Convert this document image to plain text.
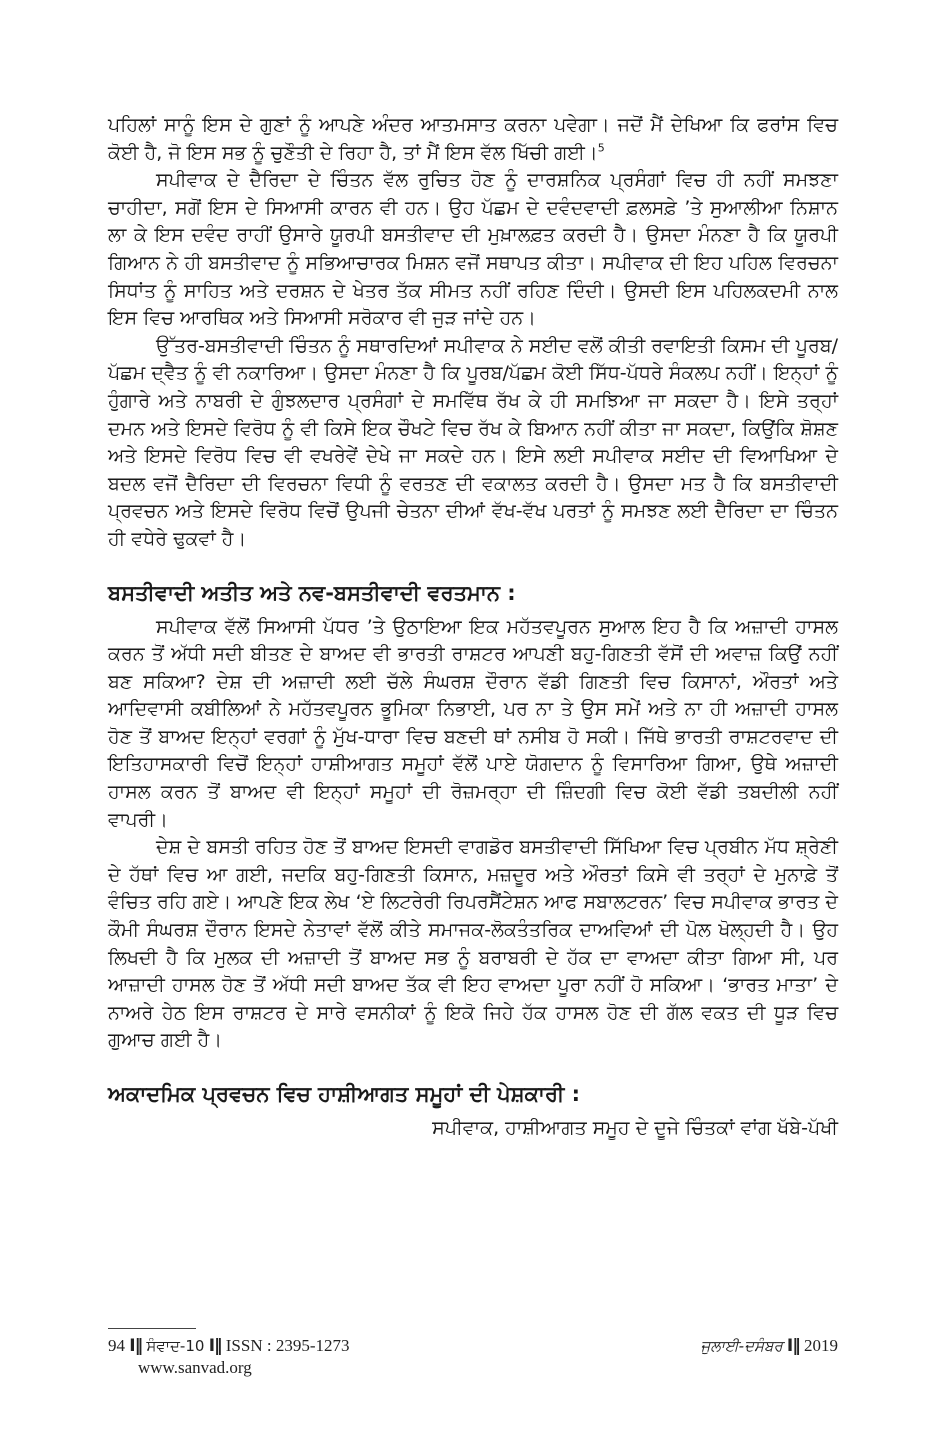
ਪਹਿਲਾਂ ਸਾਨੂੰ ਇਸ ਦੇ ਗੁਣਾਂ ਨੂੰ ਆਪਣੇ ਅੰਦਰ ਆਤਮਸਾਤ ਕਰਨਾ ਪਵੇਗਾ। ਜਦੋਂ ਮੈਂ ਦੇਖਿਆ ਕਿ ਫਰਾਂਸ ਵਿਚ ਕੋਈ ਹੈ, ਜੋ ਇਸ ਸਭ ਨੂੰ ਚੁਣੌਤੀ ਦੇ ਰਿਹਾ ਹੈ, ਤਾਂ ਮੈਂ ਇਸ ਵੱਲ ਖਿੱਚੀ ਗਈ।$^5$

ਸਪੀਵਾਕ ਦੇ ਦੈਰਿਦਾ ਦੇ ਚਿੰਤਨ ਵੱਲ ਰੁਚਿਤ ਹੋਣ ਨੂੰ ਦਾਰਸ਼ਨਿਕ ਪ੍ਰਸੰਗਾਂ ਵਿਚ ਹੀ ਨਹੀਂ ਸਮਝਣਾ ਚਾਹੀਦਾ, ਸਗੋਂ ਇਸ ਦੇ ਸਿਆਸੀ ਕਾਰਨ ਵੀ ਹਨ। ਉਹ ਪੱਛਮ ਦੇ ਦਵੰਦਵਾਦੀ ਫ਼ਲਸਫ਼ੇ ’ਤੇ ਸੁਆਲੀਆ ਨਿਸ਼ਾਨ ਲਾ ਕੇ ਇਸ ਦਵੰਦ ਰਾਹੀਂ ਉਸਾਰੇ ਯੂਰਪੀ ਬਸਤੀਵਾਦ ਦੀ ਮੁਖ਼ਾਲਫ਼ਤ ਕਰਦੀ ਹੈ। ਉਸਦਾ ਮੰਨਣਾ ਹੈ ਕਿ ਯੂਰਪੀ ਗਿਆਨ ਨੇ ਹੀ ਬਸਤੀਵਾਦ ਨੂੰ ਸਭਿਆਚਾਰਕ ਮਿਸ਼ਨ ਵਜੋਂ ਸਥਾਪਤ ਕੀਤਾ। ਸਪੀਵਾਕ ਦੀ ਇਹ ਪਹਿਲ ਵਿਰਚਨਾ ਸਿਧਾਂਤ ਨੂੰ ਸਾਹਿਤ ਅਤੇ ਦਰਸ਼ਨ ਦੇ ਖੇਤਰ ਤੱਕ ਸੀਮਤ ਨਹੀਂ ਰਹਿਣ ਦਿੰਦੀ। ਉਸਦੀ ਇਸ ਪਹਿਲਕਦਮੀ ਨਾਲ ਇਸ ਵਿਚ ਆਰਥਿਕ ਅਤੇ ਸਿਆਸੀ ਸਰੋਕਾਰ ਵੀ ਜੁੜ ਜਾਂਦੇ ਹਨ।

ਉੱਤਰ-ਬਸਤੀਵਾਦੀ ਚਿੰਤਨ ਨੂੰ ਸਥਾਰਦਿਆਂ ਸਪੀਵਾਕ ਨੇ ਸਈਦ ਵਲੋਂ ਕੀਤੀ ਰਵਾਇਤੀ ਕਿਸਮ ਦੀ ਪੂਰਬ/ਪੱਛਮ ਦ੍ਵੈਤ ਨੂੰ ਵੀ ਨਕਾਰਿਆ। ਉਸਦਾ ਮੰਨਣਾ ਹੈ ਕਿ ਪੂਰਬ/ਪੱਛਮ ਕੋਈ ਸਿੱਧ-ਪੱਧਰੇ ਸੰਕਲਪ ਨਹੀਂ। ਇਨ੍ਹਾਂ ਨੂੰ ਹੁੰਗਾਰੇ ਅਤੇ ਨਾਬਰੀ ਦੇ ਗੁੰਝਲਦਾਰ ਪ੍ਰਸੰਗਾਂ ਦੇ ਸਮਵਿੱਥ ਰੱਖ ਕੇ ਹੀ ਸਮਝਿਆ ਜਾ ਸਕਦਾ ਹੈ। ਇਸੇ ਤਰ੍ਹਾਂ ਦਮਨ ਅਤੇ ਇਸਦੇ ਵਿਰੋਧ ਨੂੰ ਵੀ ਕਿਸੇ ਇਕ ਚੌਖਟੇ ਵਿਚ ਰੱਖ ਕੇ ਬਿਆਨ ਨਹੀਂ ਕੀਤਾ ਜਾ ਸਕਦਾ, ਕਿਉਂਕਿ ਸ਼ੋਸ਼ਣ ਅਤੇ ਇਸਦੇ ਵਿਰੋਧ ਵਿਚ ਵੀ ਵਖਰੇਵੇਂ ਦੇਖੇ ਜਾ ਸਕਦੇ ਹਨ। ਇਸੇ ਲਈ ਸਪੀਵਾਕ ਸਈਦ ਦੀ ਵਿਆਖਿਆ ਦੇ ਬਦਲ ਵਜੋਂ ਦੈਰਿਦਾ ਦੀ ਵਿਰਚਨਾ ਵਿਧੀ ਨੂੰ ਵਰਤਣ ਦੀ ਵਕਾਲਤ ਕਰਦੀ ਹੈ। ਉਸਦਾ ਮਤ ਹੈ ਕਿ ਬਸਤੀਵਾਦੀ ਪ੍ਰਵਚਨ ਅਤੇ ਇਸਦੇ ਵਿਰੋਧ ਵਿਚੋਂ ਉਪਜੀ ਚੇਤਨਾ ਦੀਆਂ ਵੱਖ-ਵੱਖ ਪਰਤਾਂ ਨੂੰ ਸਮਝਣ ਲਈ ਦੈਰਿਦਾ ਦਾ ਚਿੰਤਨ ਹੀ ਵਧੇਰੇ ਢੁਕਵਾਂ ਹੈ।

ਬਸਤੀਵਾਦੀ ਅਤੀਤ ਅਤੇ ਨਵ-ਬਸਤੀਵਾਦੀ ਵਰਤਮਾਨ :

ਸਪੀਵਾਕ ਵੱਲੋਂ ਸਿਆਸੀ ਪੱਧਰ ’ਤੇ ਉਠਾਇਆ ਇਕ ਮਹੱਤਵਪੂਰਨ ਸੁਆਲ ਇਹ ਹੈ ਕਿ ਅਜ਼ਾਦੀ ਹਾਸਲ ਕਰਨ ਤੋਂ ਅੱਧੀ ਸਦੀ ਬੀਤਣ ਦੇ ਬਾਅਦ ਵੀ ਭਾਰਤੀ ਰਾਸ਼ਟਰ ਆਪਣੀ ਬਹੁ-ਗਿਣਤੀ ਵੱਸੋਂ ਦੀ ਅਵਾਜ਼ ਕਿਉਂ ਨਹੀਂ ਬਣ ਸਕਿਆ? ਦੇਸ਼ ਦੀ ਅਜ਼ਾਦੀ ਲਈ ਚੱਲੇ ਸੰਘਰਸ਼ ਦੌਰਾਨ ਵੱਡੀ ਗਿਣਤੀ ਵਿਚ ਕਿਸਾਨਾਂ, ਔਰਤਾਂ ਅਤੇ ਆਦਿਵਾਸੀ ਕਬੀਲਿਆਂ ਨੇ ਮਹੱਤਵਪੂਰਨ ਭੂਮਿਕਾ ਨਿਭਾਈ, ਪਰ ਨਾ ਤੇ ਉਸ ਸਮੇਂ ਅਤੇ ਨਾ ਹੀ ਅਜ਼ਾਦੀ ਹਾਸਲ ਹੋਣ ਤੋਂ ਬਾਅਦ ਇਨ੍ਹਾਂ ਵਰਗਾਂ ਨੂੰ ਮੁੱਖ-ਧਾਰਾ ਵਿਚ ਬਣਦੀ ਥਾਂ ਨਸੀਬ ਹੋ ਸਕੀ। ਜਿੱਥੇ ਭਾਰਤੀ ਰਾਸ਼ਟਰਵਾਦ ਦੀ ਇਤਿਹਾਸਕਾਰੀ ਵਿਚੋਂ ਇਨ੍ਹਾਂ ਹਾਸ਼ੀਆਗਤ ਸਮੂਹਾਂ ਵੱਲੋਂ ਪਾਏ ਯੋਗਦਾਨ ਨੂੰ ਵਿਸਾਰਿਆ ਗਿਆ, ਉਥੇ ਅਜ਼ਾਦੀ ਹਾਸਲ ਕਰਨ ਤੋਂ ਬਾਅਦ ਵੀ ਇਨ੍ਹਾਂ ਸਮੂਹਾਂ ਦੀ ਰੋਜ਼ਮਰ੍ਹਾ ਦੀ ਜ਼ਿੰਦਗੀ ਵਿਚ ਕੋਈ ਵੱਡੀ ਤਬਦੀਲੀ ਨਹੀਂ ਵਾਪਰੀ।

ਦੇਸ਼ ਦੇ ਬਸਤੀ ਰਹਿਤ ਹੋਣ ਤੋਂ ਬਾਅਦ ਇਸਦੀ ਵਾਗਡੋਰ ਬਸਤੀਵਾਦੀ ਸਿੱਖਿਆ ਵਿਚ ਪ੍ਰਬੀਨ ਮੱਧ ਸ਼੍ਰੇਣੀ ਦੇ ਹੱਥਾਂ ਵਿਚ ਆ ਗਈ, ਜਦਕਿ ਬਹੁ-ਗਿਣਤੀ ਕਿਸਾਨ, ਮਜ਼ਦੂਰ ਅਤੇ ਔਰਤਾਂ ਕਿਸੇ ਵੀ ਤਰ੍ਹਾਂ ਦੇ ਮੁਨਾਫ਼ੇ ਤੋਂ ਵੰਚਿਤ ਰਹਿ ਗਏ। ਆਪਣੇ ਇਕ ਲੇਖ ‘ਏ ਲਿਟਰੇਰੀ ਰਿਪਰਸੈਂਟੇਸ਼ਨ ਆਫ ਸਬਾਲਟਰਨ’ ਵਿਚ ਸਪੀਵਾਕ ਭਾਰਤ ਦੇ ਕੌਮੀ ਸੰਘਰਸ਼ ਦੌਰਾਨ ਇਸਦੇ ਨੇਤਾਵਾਂ ਵੱਲੋਂ ਕੀਤੇ ਸਮਾਜਕ-ਲੋਕਤੰਤਰਿਕ ਦਾਅਵਿਆਂ ਦੀ ਪੋਲ ਖੋਲ੍ਹਦੀ ਹੈ। ਉਹ ਲਿਖਦੀ ਹੈ ਕਿ ਮੁਲਕ ਦੀ ਅਜ਼ਾਦੀ ਤੋਂ ਬਾਅਦ ਸਭ ਨੂੰ ਬਰਾਬਰੀ ਦੇ ਹੱਕ ਦਾ ਵਾਅਦਾ ਕੀਤਾ ਗਿਆ ਸੀ, ਪਰ ਆਜ਼ਾਦੀ ਹਾਸਲ ਹੋਣ ਤੋਂ ਅੱਧੀ ਸਦੀ ਬਾਅਦ ਤੱਕ ਵੀ ਇਹ ਵਾਅਦਾ ਪੂਰਾ ਨਹੀਂ ਹੋ ਸਕਿਆ। ‘ਭਾਰਤ ਮਾਤਾ’ ਦੇ ਨਾਅਰੇ ਹੇਠ ਇਸ ਰਾਸ਼ਟਰ ਦੇ ਸਾਰੇ ਵਸਨੀਕਾਂ ਨੂੰ ਇਕੋ ਜਿਹੇ ਹੱਕ ਹਾਸਲ ਹੋਣ ਦੀ ਗੱਲ ਵਕਤ ਦੀ ਧੂੜ ਵਿਚ ਗੁਆਚ ਗਈ ਹੈ।

ਅਕਾਦਮਿਕ ਪ੍ਰਵਚਨ ਵਿਚ ਹਾਸ਼ੀਆਗਤ ਸਮੂਹਾਂ ਦੀ ਪੇਸ਼ਕਾਰੀ :

ਸਪੀਵਾਕ, ਹਾਸ਼ੀਆਗਤ ਸਮੂਹ ਦੇ ਦੂਜੇ ਚਿੰਤਕਾਂ ਵਾਂਗ ਖੱਬੇ-ਪੱਖੀ

94 I‖ ਸੰਵਾਦ-10 I‖ ISSN : 2395-1273	ਜੁਲਾਈ-ਦਸੰਬਰ I‖ 2019
www.sanvad.org
